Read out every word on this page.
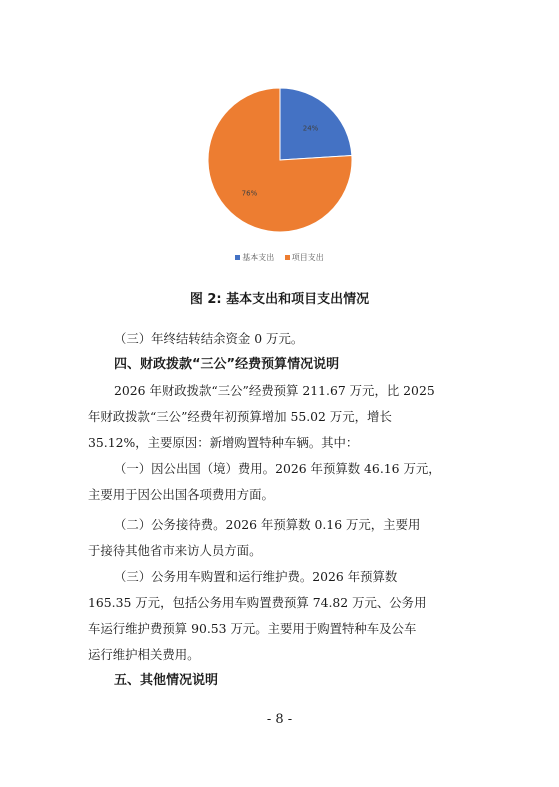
24%
76%
基本支出 项目支出
图 2: 基本支出和项目支出情况
（三）年终结转结余资金 0 万元。
四、财政拨款“三公”经费预算情况说明
2026 年财政拨款“三公”经费预算 211.67 万元，比 2025
年财政拨款“三公”经费年初预算增加 55.02 万元，增长
35.12%，主要原因：新增购置特种车辆。其中：
（一）因公出国（境）费用。2026 年预算数 46.16 万元，
主要用于因公出国各项费用方面。
（二）公务接待费。2026 年预算数 0.16 万元，主要用
于接待其他省市来访人员方面。
（三）公务用车购置和运行维护费。2026 年预算数
165.35 万元，包括公务用车购置费预算 74.82 万元、公务用
车运行维护费预算 90.53 万元。主要用于购置特种车及公车
运行维护相关费用。
五、其他情况说明
- 8 -
